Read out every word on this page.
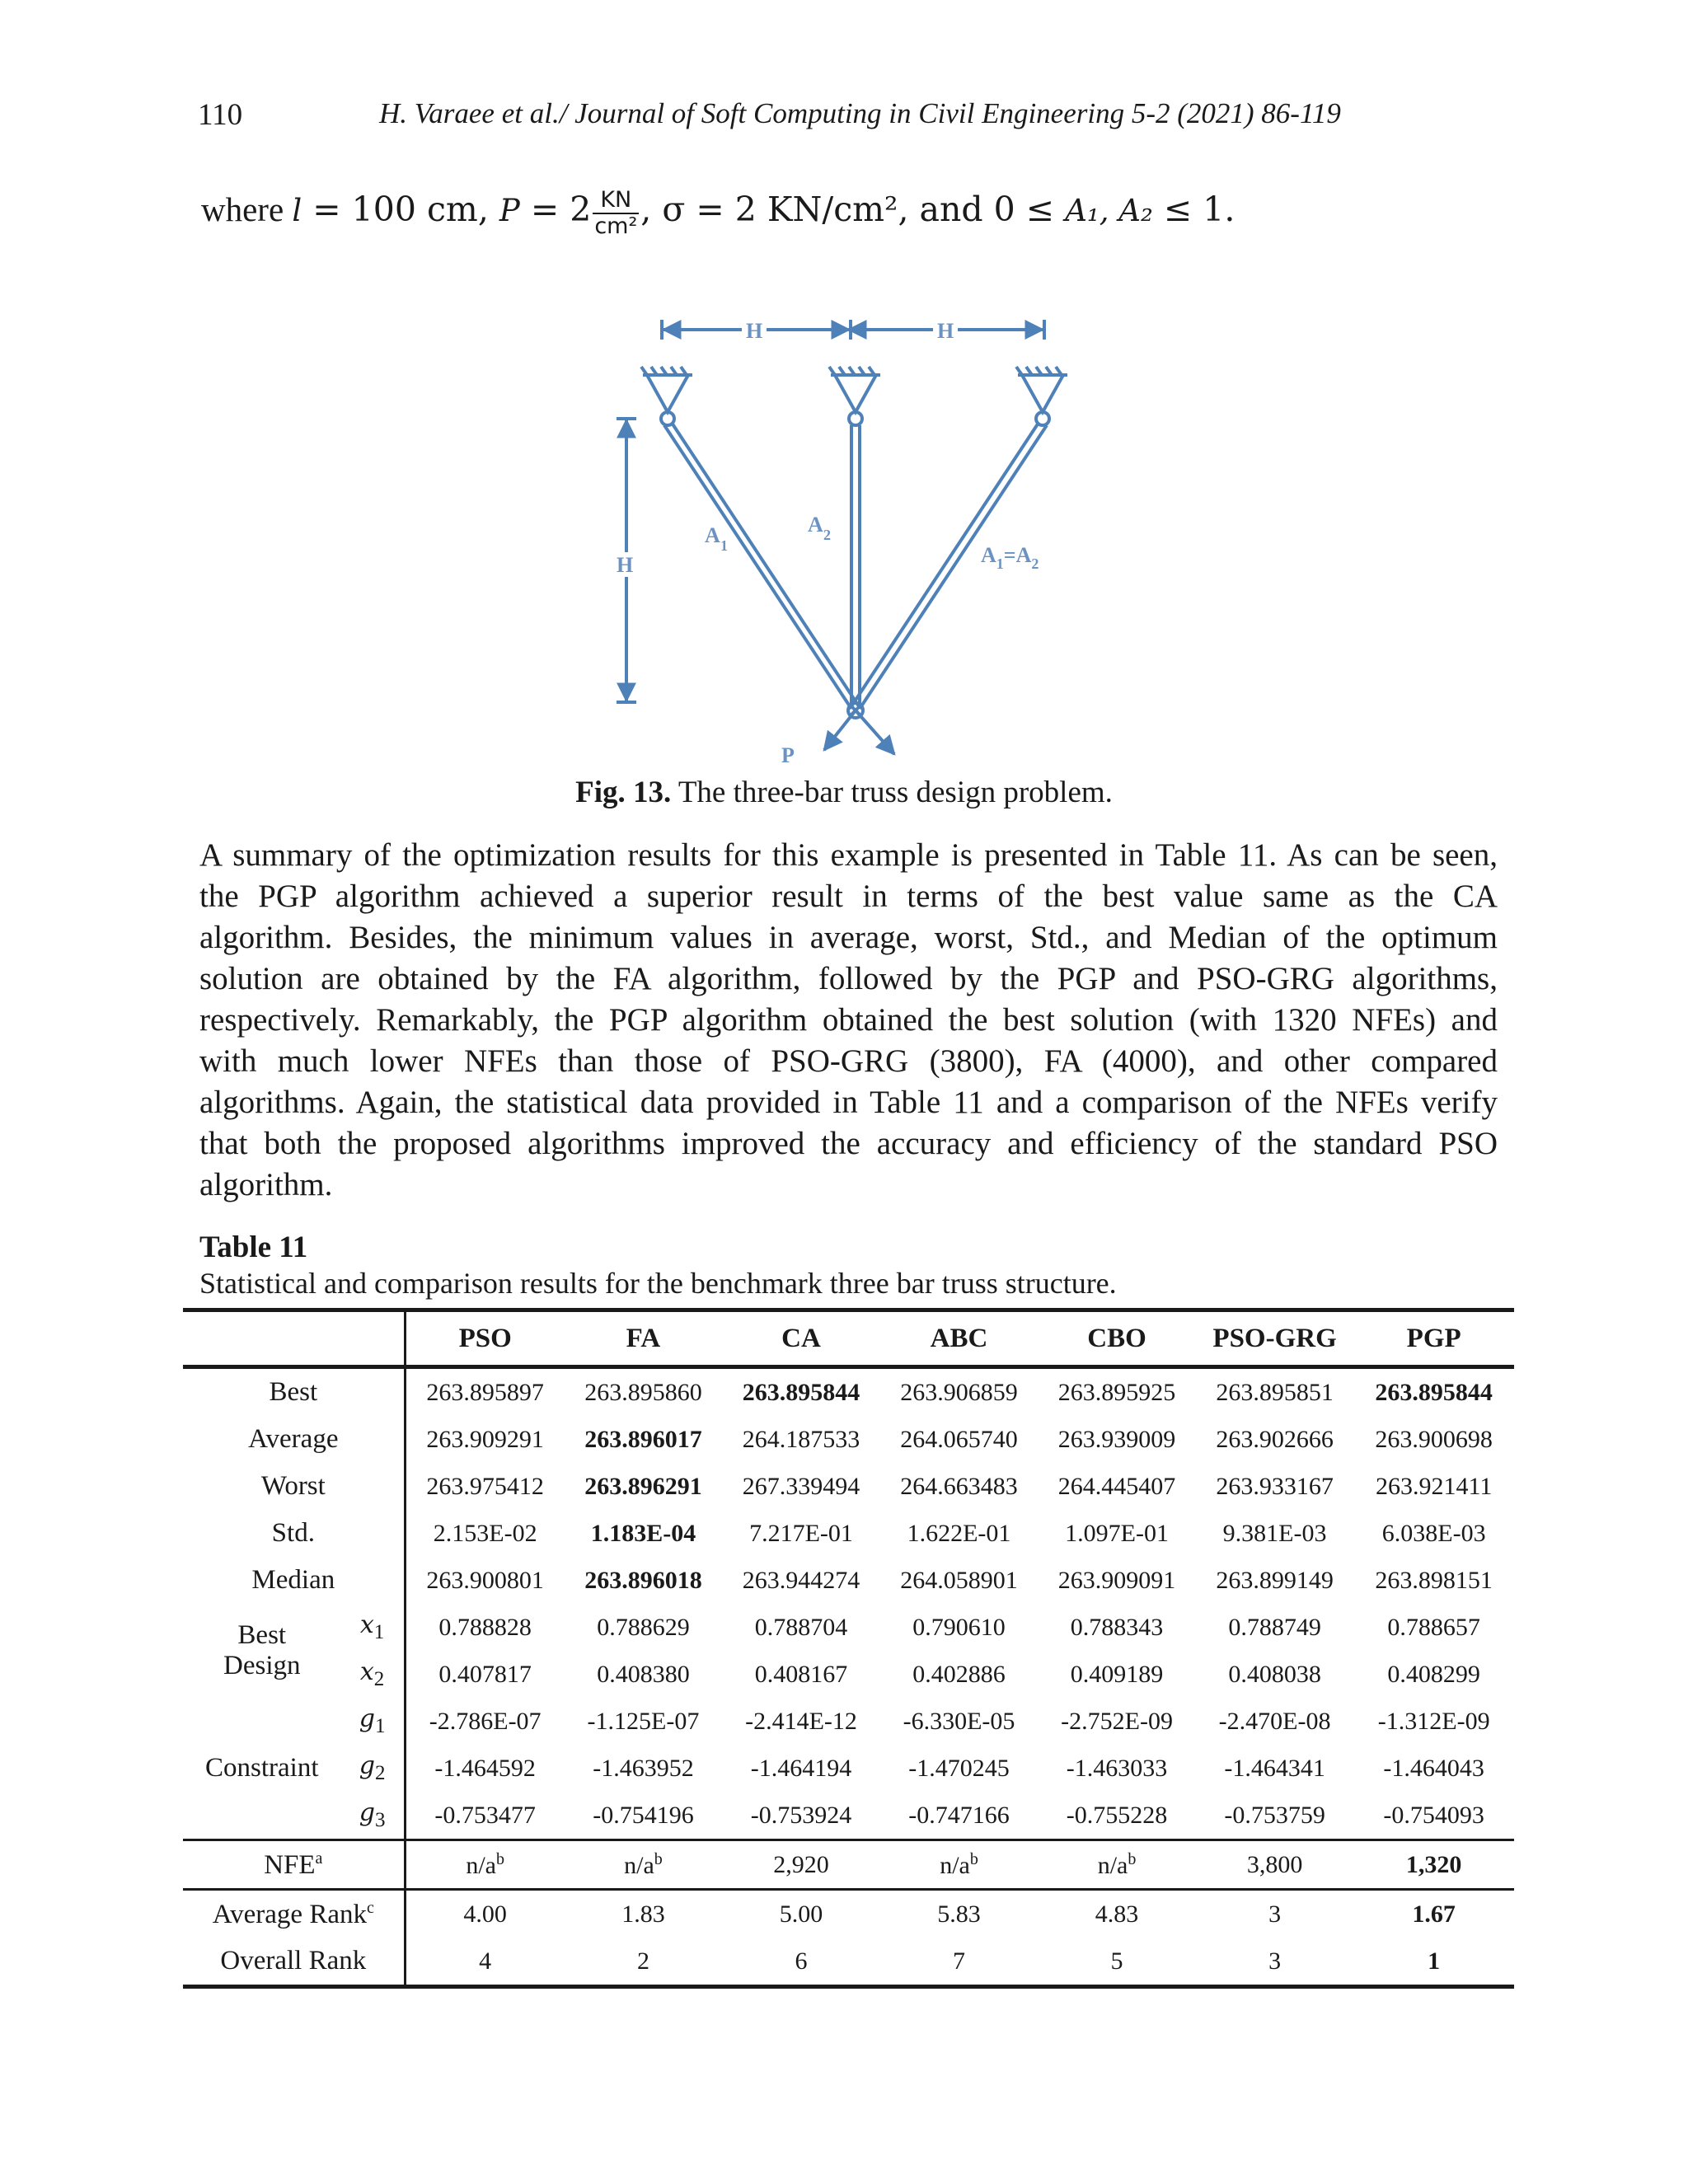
110	H. Varaee et al./ Journal of Soft Computing in Civil Engineering 5-2 (2021) 86-119
where l = 100 cm, $P = 2 \frac{KN}{\text{cm²}}$ , σ = 2 KN/cm², and 0 ≤ A₁, A₂ ≤ 1.
H	H
H
A 1
A 2
$A_1=A_2$
P
Fig. 13. The three-bar truss design problem.
A summary of the optimization results for this example is presented in Table 11. As can be seen,
the PGP algorithm achieved a superior result in terms of the best value same as the CA
algorithm. Besides, the minimum values in average, worst, Std., and Median of the optimum
solution are obtained by the FA algorithm, followed by the PGP and PSO-GRG algorithms,
respectively. Remarkably, the PGP algorithm obtained the best solution (with 1320 NFEs) and
with much lower NFEs than those of PSO-GRG (3800), FA (4000), and other compared
algorithms. Again, the statistical data provided in Table 11 and a comparison of the NFEs verify
that both the proposed algorithms improved the accuracy and efficiency of the standard PSO
algorithm.
Table 11
Statistical and comparison results for the benchmark three bar truss structure.
		PSO	FA	CA	ABC	CBO	PSO-GRG	PGP
Best		263.895897	263.895860	263.895844	263.906859	263.895925	263.895851	263.895844
Average		263.909291	263.896017	264.187533	264.065740	263.939009	263.902666	263.900698
Worst		263.975412	263.896291	267.339494	264.663483	264.445407	263.933167	263.921411
Std.		2.153E-02	1.183E-04	7.217E-01	1.622E-01	1.097E-01	9.381E-03	6.038E-03
Median		263.900801	263.896018	263.944274	264.058901	263.909091	263.899149	263.898151
Best
Design	$x_1$	0.788828	0.788629	0.788704	0.790610	0.788343	0.788749	0.788657
	$x_2$	0.407817	0.408380	0.408167	0.402886	0.409189	0.408038	0.408299
Constraint	$g_1$	-2.786E-07	-1.125E-07	-2.414E-12	-6.330E-05	-2.752E-09	-2.470E-08	-1.312E-09
	$g_2$	-1.464592	-1.463952	-1.464194	-1.470245	-1.463033	-1.464341	-1.464043
	$g_3$	-0.753477	-0.754196	-0.753924	-0.747166	-0.755228	-0.753759	-0.754093
NFE$^a$		$n/a^b$	$n/a^b$	2,920	$n/a^b$	$n/a^b$	3,800	1,320
Average Rank$^c$		4.00	1.83	5.00	5.83	4.83	3	1.67
Overall Rank		4	2	6	7	5	3	1
